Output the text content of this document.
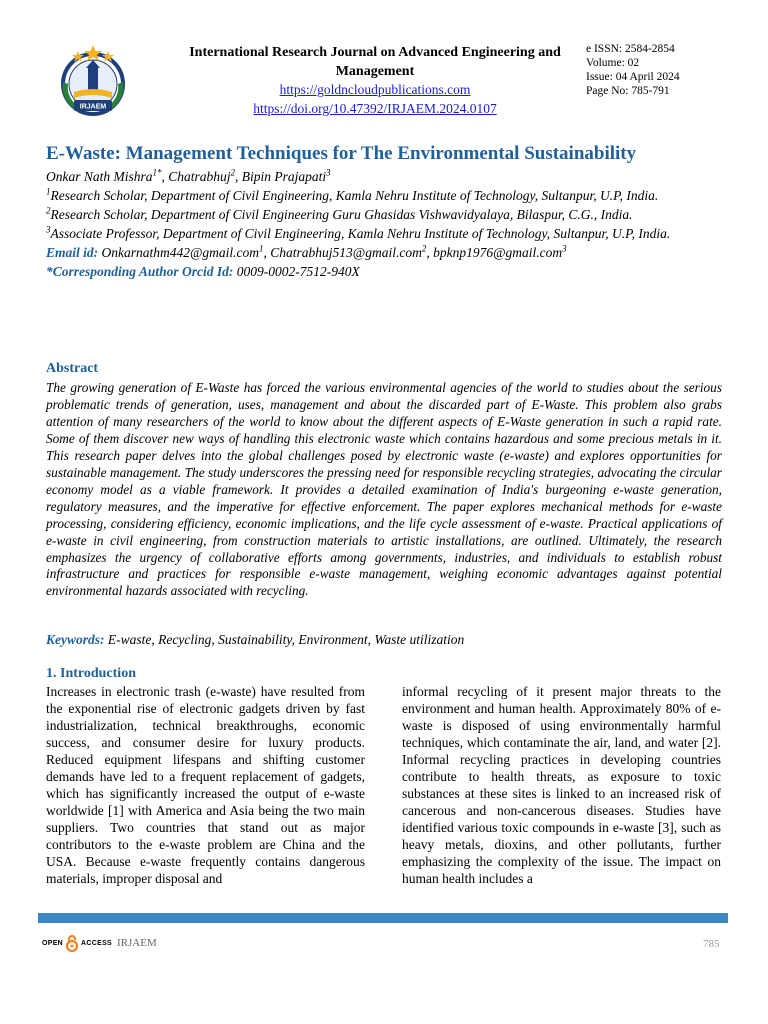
IRJAEM
International Research Journal on Advanced Engineering and Management
https://goldncloudpublications.com
https://doi.org/10.47392/IRJAEM.2024.0107
e ISSN: 2584-2854
Volume: 02
Issue: 04 April 2024
Page No: 785-791
E-Waste: Management Techniques for The Environmental Sustainability
Onkar Nath Mishra$^{1*}$, Chatrabhuj$^2$, Bipin Prajapati$^3$
$^1$Research Scholar, Department of Civil Engineering, Kamla Nehru Institute of Technology, Sultanpur, U.P, India.
$^2$Research Scholar, Department of Civil Engineering Guru Ghasidas Vishwavidyalaya, Bilaspur, C.G., India.
$^3$Associate Professor, Department of Civil Engineering, Kamla Nehru Institute of Technology, Sultanpur, U.P, India.
Email id: Onkarnathm442@gmail.com$^1$, Chatrabhuj513@gmail.com$^2$, bpknp1976@gmail.com$^3$
*Corresponding Author Orcid Id: 0009-0002-7512-940X
Abstract
The growing generation of E-Waste has forced the various environmental agencies of the world to studies about the serious problematic trends of generation, uses, management and about the discarded part of E-Waste. This problem also grabs attention of many researchers of the world to know about the different aspects of E-Waste generation in such a rapid rate. Some of them discover new ways of handling this electronic waste which contains hazardous and some precious metals in it. This research paper delves into the global challenges posed by electronic waste (e-waste) and explores opportunities for sustainable management. The study underscores the pressing need for responsible recycling strategies, advocating the circular economy model as a viable framework. It provides a detailed examination of India's burgeoning e-waste generation, regulatory measures, and the imperative for effective enforcement. The paper explores mechanical methods for e-waste processing, considering efficiency, economic implications, and the life cycle assessment of e-waste. Practical applications of e-waste in civil engineering, from construction materials to artistic installations, are outlined. Ultimately, the research emphasizes the urgency of collaborative efforts among governments, industries, and individuals to establish robust infrastructure and practices for responsible e-waste management, weighing economic advantages against potential environmental hazards associated with recycling.
Keywords: E-waste, Recycling, Sustainability, Environment, Waste utilization
1. Introduction
Increases in electronic trash (e-waste) have resulted from the exponential rise of electronic gadgets driven by fast industrialization, technical breakthroughs, economic success, and consumer desire for luxury products. Reduced equipment lifespans and shifting customer demands have led to a frequent replacement of gadgets, which has significantly increased the output of e-waste worldwide [1] with America and Asia being the two main suppliers. Two countries that stand out as major contributors to the e-waste problem are China and the USA. Because e-waste frequently contains dangerous materials, improper disposal and
informal recycling of it present major threats to the environment and human health. Approximately 80% of e-waste is disposed of using environmentally harmful techniques, which contaminate the air, land, and water [2]. Informal recycling practices in developing countries contribute to health threats, as exposure to toxic substances at these sites is linked to an increased risk of cancerous and non-cancerous diseases. Studies have identified various toxic compounds in e-waste [3], such as heavy metals, dioxins, and other pollutants, further emphasizing the complexity of the issue. The impact on human health includes a
OPEN	ACCESS IRJAEM	785
